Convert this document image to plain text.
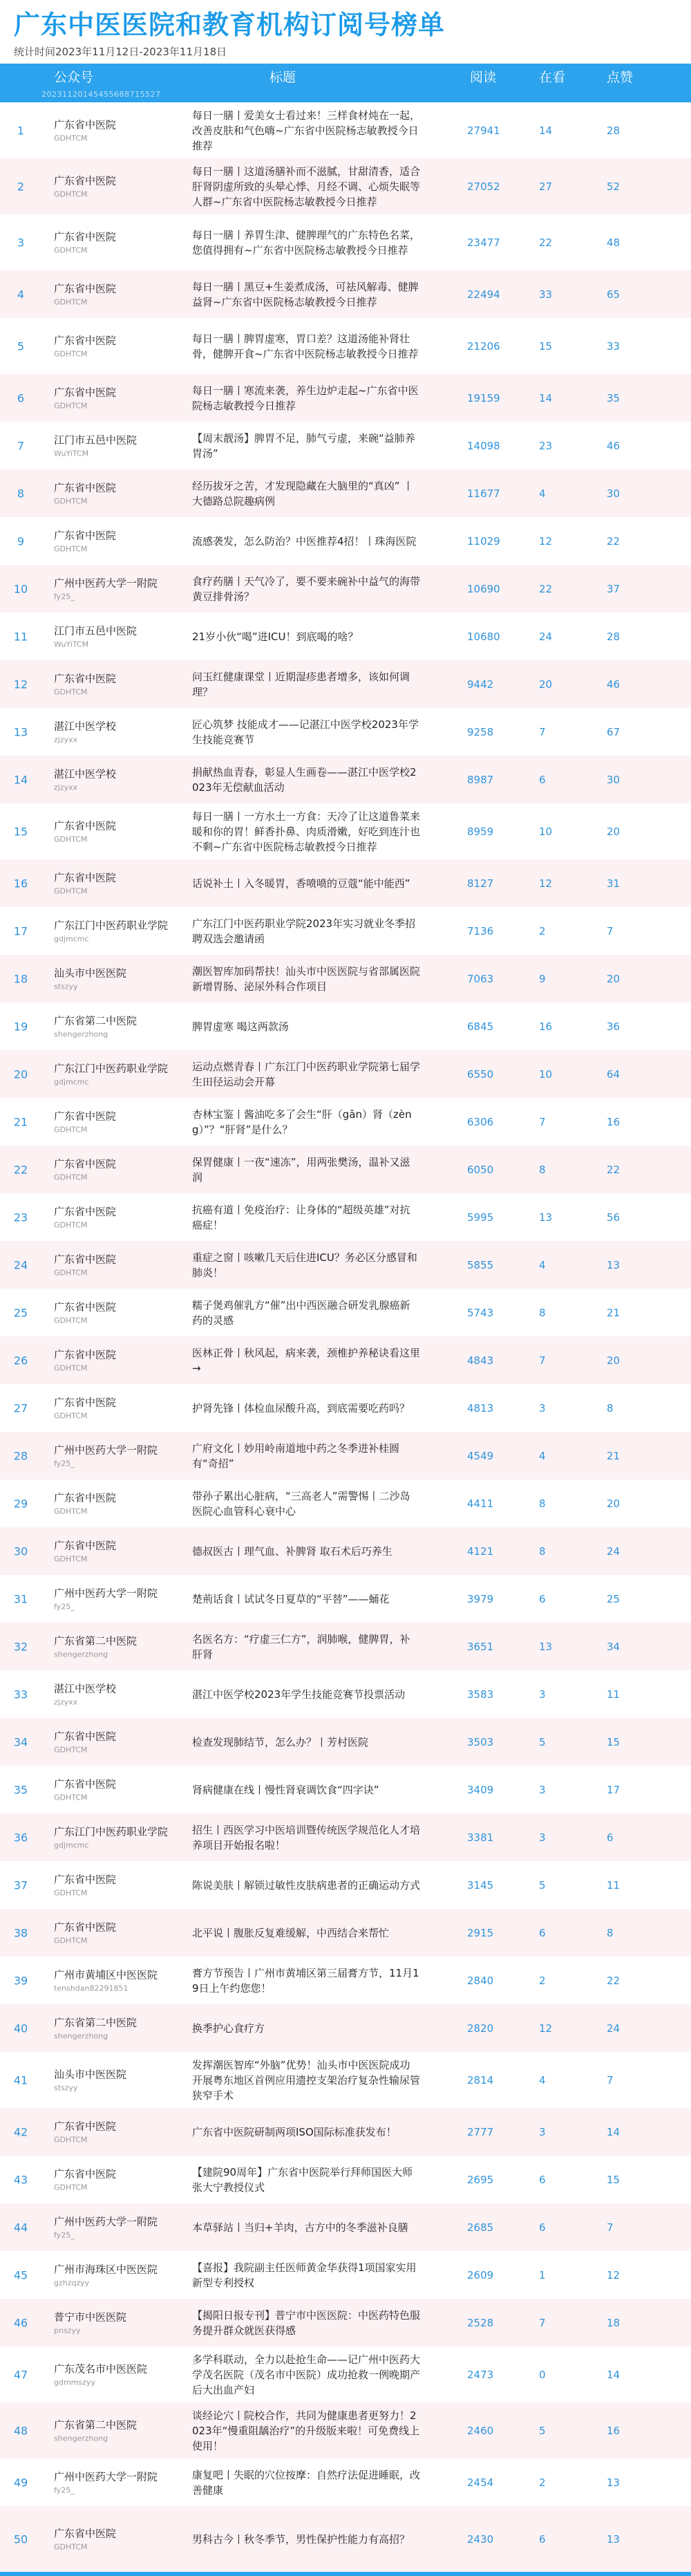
广东中医医院和教育机构订阅号榜单
统计时间2023年11月12日-2023年11月18日
公众号	标题	阅读	在看	点赞
20231120145455688715527
1	广东省中医院
GDHTCM
每日一膳丨爱美女士看过来！三样食材炖在一起，改善皮肤和气色嗨~广东省中医院杨志敏教授今日推荐
27941	14	28
2	广东省中医院
GDHTCM
每日一膳丨这道汤膳补而不滋腻，甘甜清香，适合肝肾阴虚所致的头晕心悸、月经不调、心烦失眠等人群~广东省中医院杨志敏教授今日推荐
27052	27	52
3	广东省中医院
GDHTCM
每日一膳丨养胃生津、健脾理气的广东特色名菜，您值得拥有~广东省中医院杨志敏教授今日推荐
23477	22	48
4	广东省中医院
GDHTCM
每日一膳丨黑豆+生姜煮成汤，可祛风解毒、健脾益肾~广东省中医院杨志敏教授今日推荐
22494	33	65
5	广东省中医院
GDHTCM
每日一膳丨脾胃虚寒，胃口差？这道汤能补肾壮骨，健脾开食~广东省中医院杨志敏教授今日推荐
21206	15	33
6	广东省中医院
GDHTCM
每日一膳丨寒流来袭，养生边炉走起~广东省中医院杨志敏教授今日推荐
19159	14	35
7	江门市五邑中医院
WuYiTCM
【周末靓汤】脾胃不足，肺气亏虚，来碗“益肺养胃汤”
14098	23	46
8	广东省中医院
GDHTCM
经历拔牙之苦，才发现隐藏在大脑里的“真凶” 丨大德路总院趣病例
11677	4	30
9	广东省中医院
GDHTCM
流感袭发，怎么防治？中医推荐4招！丨珠海医院	11029	12	22
10	广州中医药大学一附院
fy25_
食疗药膳丨天气冷了，要不要来碗补中益气的海带黄豆排骨汤？
10690	22	37
11	江门市五邑中医院
WuYiTCM
21岁小伙“喝”进ICU！到底喝的啥？	10680	24	28
12	广东省中医院
GDHTCM
问玉红健康课堂丨近期湿疹患者增多，该如何调理？
9442	20	46
13	湛江中医学校
zjzyxx
匠心筑梦 技能成才——记湛江中医学校2023年学生技能竞赛节
9258	7	67
14	湛江中医学校
zjzyxx
捐献热血青春，彰显人生画卷——湛江中医学校2023年无偿献血活动
8987	6	30
15	广东省中医院
GDHTCM
每日一膳丨一方水土一方食：天冷了让这道鲁菜来暖和你的胃！鲜香扑鼻、肉质滑嫩，好吃到连汁也不剩~广东省中医院杨志敏教授今日推荐
8959	10	20
16	广东省中医院
GDHTCM
话说补土丨入冬暖胃，香喷喷的豆蔻“能中能西”	8127	12	31
17	广东江门中医药职业学院
gdjmcmc
广东江门中医药职业学院2023年实习就业冬季招聘双选会邀请函
7136	2	7
18	汕头市中医医院
stszyy
潮医智库加码帮扶！汕头市中医医院与省部属医院新增胃肠、泌尿外科合作项目
7063	9	20
19	广东省第二中医院
shengerzhong
脾胃虚寒 喝这两款汤	6845	16	36
20	广东江门中医药职业学院
gdjmcmc
运动点燃青春丨广东江门中医药职业学院第七届学生田径运动会开幕
6550	10	64
21	广东省中医院
GDHTCM
杏林宝鉴丨酱油吃多了会生“肝（gān）肾（zèng）”？“肝肾”是什么？
6306	7	16
22	广东省中医院
GDHTCM
保胃健康丨一夜“速冻”，用两张樊汤，温补又滋润
6050	8	22
23	广东省中医院
GDHTCM
抗癌有道丨免疫治疗：让身体的“超级英雄”对抗癌症！
5995	13	56
24	广东省中医院
GDHTCM
重症之窗丨咳嗽几天后住进ICU？务必区分感冒和肺炎！
5855	4	13
25	广东省中医院
GDHTCM
糯子煲鸡催乳方“催”出中西医融合研发乳腺癌新药的灵感
5743	8	21
26	广东省中医院
GDHTCM
医林正骨丨秋风起，病来袭，颈椎护养秘诀看这里→
4843	7	20
27	广东省中医院
GDHTCM
护肾先锋丨体检血尿酸升高，到底需要吃药吗？	4813	3	8
28	广州中医药大学一附院
fy25_
广府文化丨妙用岭南道地中药之冬季进补桂圆有“奇招”
4549	4	21
29	广东省中医院
GDHTCM
带孙子累出心脏病，“三高老人”需警惕丨二沙岛医院心血管科心衰中心
4411	8	20
30	广东省中医院
GDHTCM
德叔医古丨理气血、补脾肾 取石术后巧养生	4121	8	24
31	广州中医药大学一附院
fy25_
楚荊话食丨试试冬日夏草的“平替”——蛹花	3979	6	25
32	广东省第二中医院
shengerzhong
名医名方：“疗虚三仁方”，润肺喉，健脾胃，补肝肾
3651	13	34
33	湛江中医学校
zjzyxx
湛江中医学校2023年学生技能竞赛节投票活动	3583	3	11
34	广东省中医院
GDHTCM
检查发现肺结节，怎么办？丨芳村医院	3503	5	15
35	广东省中医院
GDHTCM
肾病健康在线丨慢性肾衰调饮食“四字诀”	3409	3	17
36	广东江门中医药职业学院
gdjmcmc
招生丨西医学习中医培训暨传统医学规范化人才培养项目开始报名啦！
3381	3	6
37	广东省中医院
GDHTCM
陈说美肤丨解锁过敏性皮肤病患者的正确运动方式	3145	5	11
38	广东省中医院
GDHTCM
北平说丨腹胀反复难缓解，中西结合来帮忙	2915	6	8
39	广州市黄埔区中医医院
tenshdan82291851
膏方节预告丨广州市黄埔区第三届膏方节，11月19日上午约您您！
2840	2	22
40	广东省第二中医院
shengerzhong
换季护心食疗方	2820	12	24
41	汕头市中医医院
stszyy
发挥潮医智库“外脑”优势！汕头市中医医院成功开展粤东地区首例应用遗控支架治疗复杂性输尿管狭窄手术
2814	4	7
42	广东省中医院
GDHTCM
广东省中医院研制两项ISO国际标准获发布！	2777	3	14
43	广东省中医院
GDHTCM
【建院90周年】广东省中医院举行拜师国医大师张大宁教授仪式
2695	6	15
44	广州中医药大学一附院
fy25_
本草驿站丨当归+羊肉，古方中的冬季滋补良膳	2685	6	7
45	广州市海珠区中医医院
gzhzqzyy
【喜报】我院副主任医师黄金华获得1项国家实用新型专利授权
2609	1	12
46	普宁市中医医院
pnszyy
【揭阳日报专刊】普宁市中医医院：中医药特色服务提升群众就医获得感
2528	7	18
47	广东茂名市中医医院
gdmmszyy
多学科联动，全力以赴抢生命——记广州中医药大学茂名医院（茂名市中医院）成功抢救一例晚期产后大出血产妇
2473	0	14
48	广东省第二中医院
shengerzhong
谈经论穴丨院校合作，共同为健康患者更努力！2023年“慢重阻龋治疗”的升级版来啦！可免费线上使用！
2460	5	16
49	广州中医药大学一附院
fy25_
康复吧丨失眠的穴位按摩：自然疗法促进睡眠，改善健康
2454	2	13
50	广东省中医院
GDHTCM
男科古今丨秋冬季节，男性保护性能力有高招？	2430	6	13
